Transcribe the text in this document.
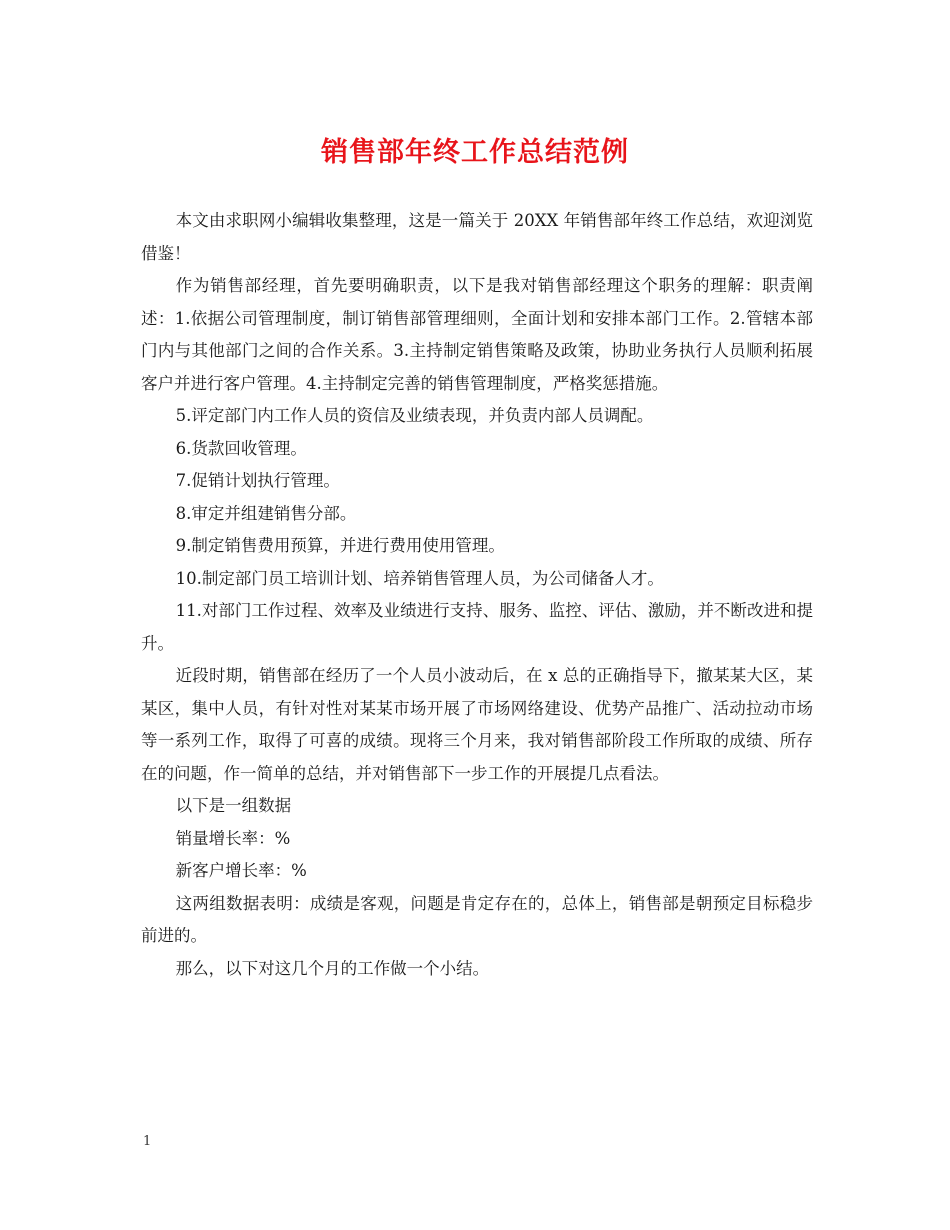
销售部年终工作总结范例

本文由求职网小编辑收集整理，这是一篇关于 20XX 年销售部年终工作总结，欢迎浏览借鉴！

作为销售部经理，首先要明确职责，以下是我对销售部经理这个职务的理解：职责阐述：1.依据公司管理制度，制订销售部管理细则，全面计划和安排本部门工作。2.管辖本部门内与其他部门之间的合作关系。3.主持制定销售策略及政策，协助业务执行人员顺利拓展客户并进行客户管理。4.主持制定完善的销售管理制度，严格奖惩措施。

5.评定部门内工作人员的资信及业绩表现，并负责内部人员调配。

6.货款回收管理。

7.促销计划执行管理。

8.审定并组建销售分部。

9.制定销售费用预算，并进行费用使用管理。

10.制定部门员工培训计划、培养销售管理人员，为公司储备人才。

11.对部门工作过程、效率及业绩进行支持、服务、监控、评估、激励，并不断改进和提升。

近段时期，销售部在经历了一个人员小波动后，在 x 总的正确指导下，撤某某大区，某某区，集中人员，有针对性对某某市场开展了市场网络建设、优势产品推广、活动拉动市场等一系列工作，取得了可喜的成绩。现将三个月来，我对销售部阶段工作所取的成绩、所存在的问题，作一简单的总结，并对销售部下一步工作的开展提几点看法。

以下是一组数据

销量增长率：%

新客户增长率：%

这两组数据表明：成绩是客观，问题是肯定存在的，总体上，销售部是朝预定目标稳步前进的。

那么，以下对这几个月的工作做一个小结。

1
